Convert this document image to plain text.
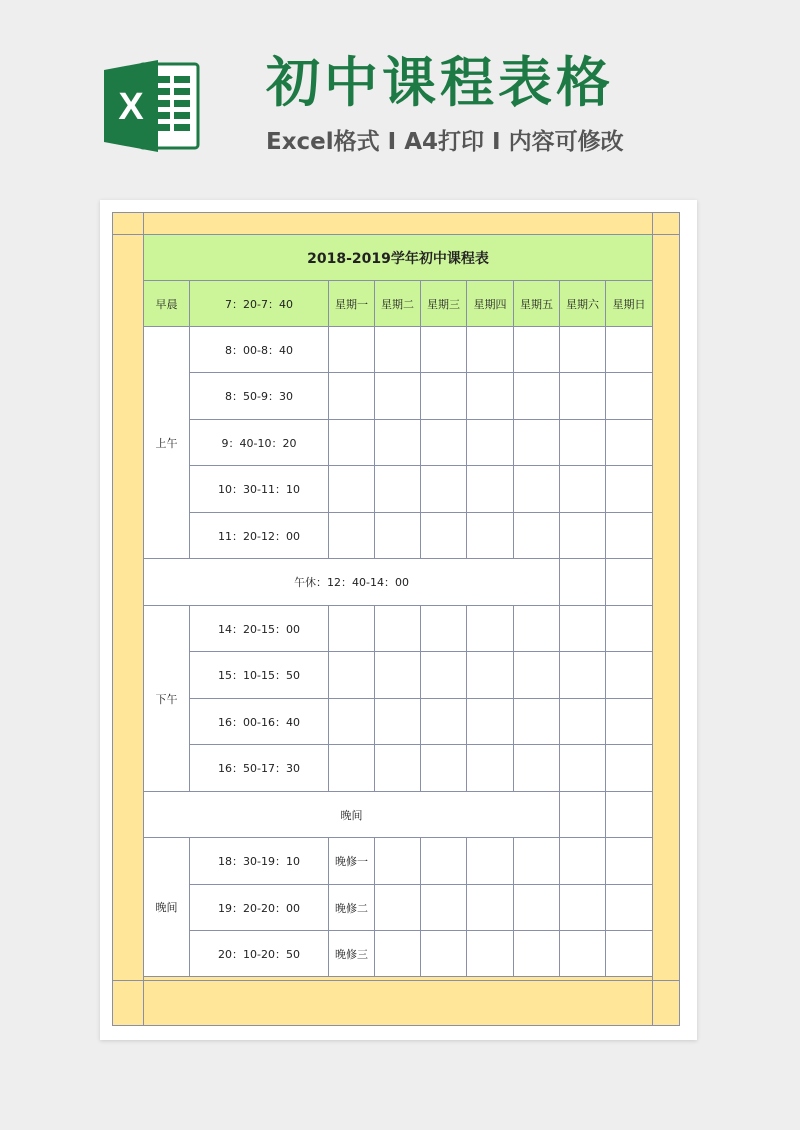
X 初中课程表格
Excel格式 I A4打印 I 内容可修改
2018-2019学年初中课程表								
早晨	7：20-7：40	星期一	星期二	星期三	星期四	星期五	星期六	星期日
上午	8：00-8：40							
	8：50-9：30							
	9：40-10：20							
	10：30-11：10							
	11：20-12：00							
午休：12：40-14：00								
下午	14：20-15：00							
	15：10-15：50							
	16：00-16：40							
	16：50-17：30							
晚间								
晚间	18：30-19：10	晚修一						
	19：20-20：00	晚修二						
	20：10-20：50	晚修三						
